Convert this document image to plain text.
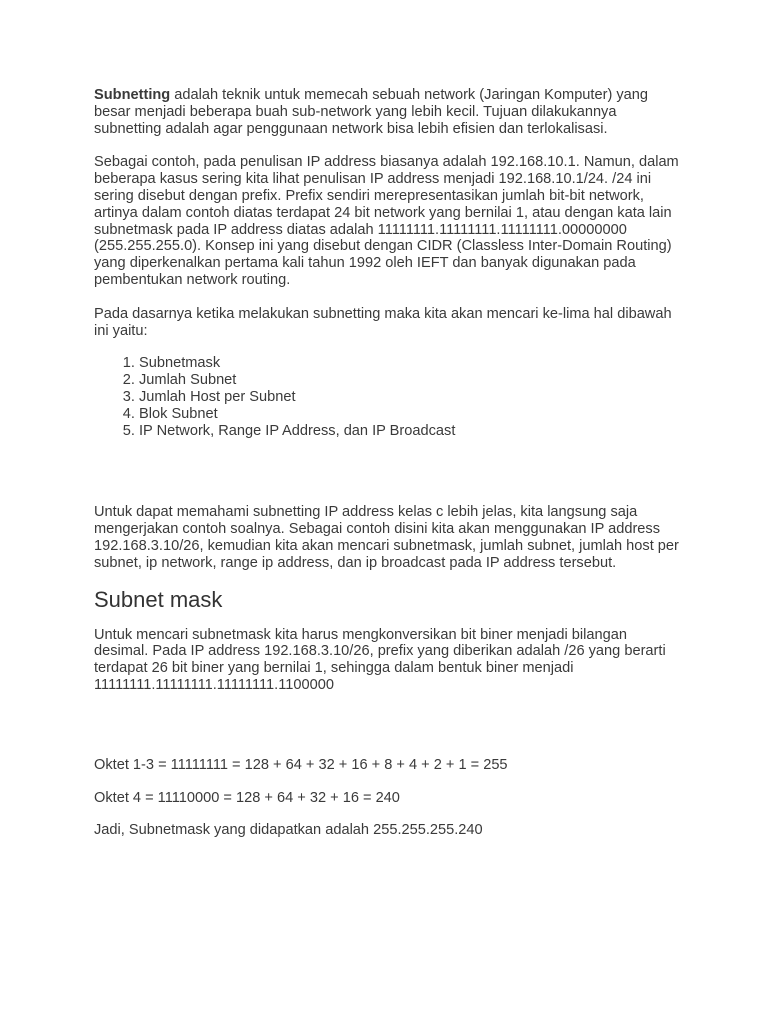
Subnetting adalah teknik untuk memecah sebuah network (Jaringan Komputer) yang besar menjadi beberapa buah sub-network yang lebih kecil. Tujuan dilakukannya subnetting adalah agar penggunaan network bisa lebih efisien dan terlokalisasi.

Sebagai contoh, pada penulisan IP address biasanya adalah 192.168.10.1. Namun, dalam beberapa kasus sering kita lihat penulisan IP address menjadi 192.168.10.1/24. /24 ini sering disebut dengan prefix. Prefix sendiri merepresentasikan jumlah bit-bit network, artinya dalam contoh diatas terdapat 24 bit network yang bernilai 1, atau dengan kata lain subnetmask pada IP address diatas adalah 11111111.11111111.11111111.00000000 (255.255.255.0). Konsep ini yang disebut dengan CIDR (Classless Inter-Domain Routing) yang diperkenalkan pertama kali tahun 1992 oleh IEFT dan banyak digunakan pada pembentukan network routing.

Pada dasarnya ketika melakukan subnetting maka kita akan mencari ke-lima hal dibawah ini yaitu:

1. Subnetmask
2. Jumlah Subnet
3. Jumlah Host per Subnet
4. Blok Subnet
5. IP Network, Range IP Address, dan IP Broadcast

Untuk dapat memahami subnetting IP address kelas c lebih jelas, kita langsung saja mengerjakan contoh soalnya. Sebagai contoh disini kita akan menggunakan IP address 192.168.3.10/26, kemudian kita akan mencari subnetmask, jumlah subnet, jumlah host per subnet, ip network, range ip address, dan ip broadcast pada IP address tersebut.

Subnet mask

Untuk mencari subnetmask kita harus mengkonversikan bit biner menjadi bilangan desimal. Pada IP address 192.168.3.10/26, prefix yang diberikan adalah /26 yang berarti terdapat 26 bit biner yang bernilai 1, sehingga dalam bentuk biner menjadi 11111111.11111111.11111111.1100000

Oktet 1-3 = 11111111 = 128 + 64 + 32 + 16 + 8 + 4 + 2 + 1 = 255

Oktet 4 = 11110000 = 128 + 64 + 32 + 16 = 240

Jadi, Subnetmask yang didapatkan adalah 255.255.255.240
